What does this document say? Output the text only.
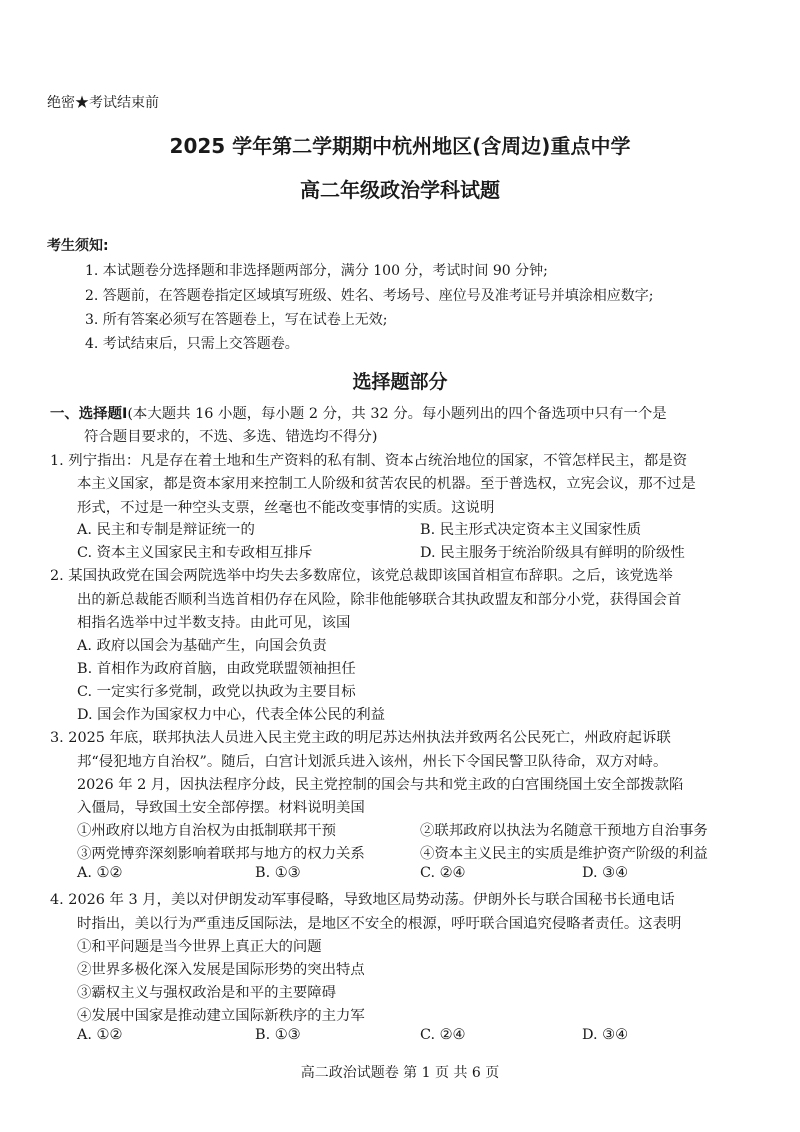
绝密★考试结束前
2025 学年第二学期期中杭州地区(含周边)重点中学
高二年级政治学科试题
考生须知:
1. 本试题卷分选择题和非选择题两部分，满分 100 分，考试时间 90 分钟;
2. 答题前，在答题卷指定区域填写班级、姓名、考场号、座位号及准考证号并填涂相应数字;
3. 所有答案必须写在答题卷上，写在试卷上无效;
4. 考试结束后，只需上交答题卷。
选择题部分
一、选择题Ⅰ(本大题共 16 小题，每小题 2 分，共 32 分。每小题列出的四个备选项中只有一个是
符合题目要求的，不选、多选、错选均不得分)
1. 列宁指出：凡是存在着土地和生产资料的私有制、资本占统治地位的国家，不管怎样民主，都是资
本主义国家，都是资本家用来控制工人阶级和贫苦农民的机器。至于普选权，立宪会议，那不过是
形式，不过是一种空头支票，丝毫也不能改变事情的实质。这说明
A. 民主和专制是辩证统一的	B. 民主形式决定资本主义国家性质
C. 资本主义国家民主和专政相互排斥	D. 民主服务于统治阶级具有鲜明的阶级性
2. 某国执政党在国会两院选举中均失去多数席位，该党总裁即该国首相宣布辞职。之后，该党选举
出的新总裁能否顺利当选首相仍存在风险，除非他能够联合其执政盟友和部分小党，获得国会首
相指名选举中过半数支持。由此可见，该国
A. 政府以国会为基础产生，向国会负责
B. 首相作为政府首脑，由政党联盟领袖担任
C. 一定实行多党制，政党以执政为主要目标
D. 国会作为国家权力中心，代表全体公民的利益
3. 2025 年底，联邦执法人员进入民主党主政的明尼苏达州执法并致两名公民死亡，州政府起诉联
邦“侵犯地方自治权”。随后，白宫计划派兵进入该州，州长下令国民警卫队待命，双方对峙。
2026 年 2 月，因执法程序分歧，民主党控制的国会与共和党主政的白宫围绕国土安全部拨款陷
入僵局，导致国土安全部停摆。材料说明美国
①州政府以地方自治权为由抵制联邦干预	②联邦政府以执法为名随意干预地方自治事务
③两党博弈深刻影响着联邦与地方的权力关系	④资本主义民主的实质是维护资产阶级的利益
A. ①②	B. ①③	C. ②④	D. ③④
4. 2026 年 3 月，美以对伊朗发动军事侵略，导致地区局势动荡。伊朗外长与联合国秘书长通电话
时指出，美以行为严重违反国际法，是地区不安全的根源，呼吁联合国追究侵略者责任。这表明
①和平问题是当今世界上真正大的问题
②世界多极化深入发展是国际形势的突出特点
③霸权主义与强权政治是和平的主要障碍
④发展中国家是推动建立国际新秩序的主力军
A. ①②	B. ①③	C. ②④	D. ③④
高二政治试题卷 第 1 页 共 6 页
